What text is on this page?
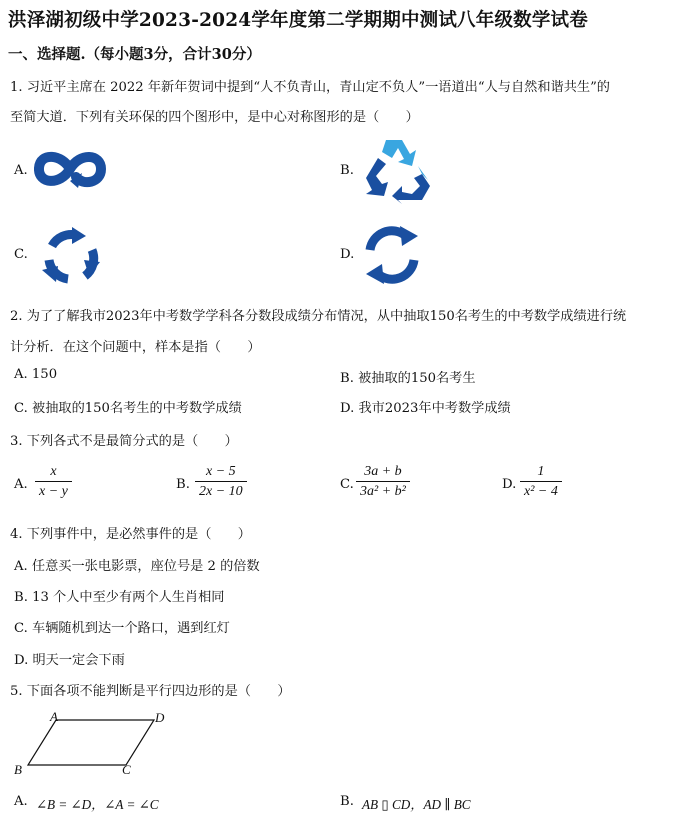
洪泽湖初级中学2023-2024学年度第二学期期中测试八年级数学试卷
一、选择题.（每小题3分，合计30分）
1. 习近平主席在 2022 年新年贺词中提到“人不负青山，青山定不负人”一语道出“人与自然和谐共生”的
至简大道．下列有关环保的四个图形中，是中心对称图形的是（　　）
A.	B.
C.	D.
2. 为了了解我市2023年中考数学学科各分数段成绩分布情况，从中抽取150名考生的中考数学成绩进行统
计分析．在这个问题中，样本是指（　　）
A. 150	B. 被抽取的150名考生
C. 被抽取的150名考生的中考数学成绩	D. 我市2023年中考数学成绩
3. 下列各式不是最简分式的是（　　）
A. $\frac{x}{x - y}$	B. $\frac{x - 5}{2x - 10}$	C. $\frac{3a + b}{\text{3a² + b²}}$	D. $\frac{1}{\text{x² − 4}}$
4. 下列事件中，是必然事件的是（　　）
A. 任意买一张电影票，座位号是 2 的倍数
B. 13 个人中至少有两个人生肖相同
C. 车辆随机到达一个路口，遇到红灯
D. 明天一定会下雨
5. 下面各项不能判断是平行四边形的是（　　）
A	D
B	C
A. ∠B = ∠D，∠A = ∠C	B. AB ▯ CD，AD ∥ BC
